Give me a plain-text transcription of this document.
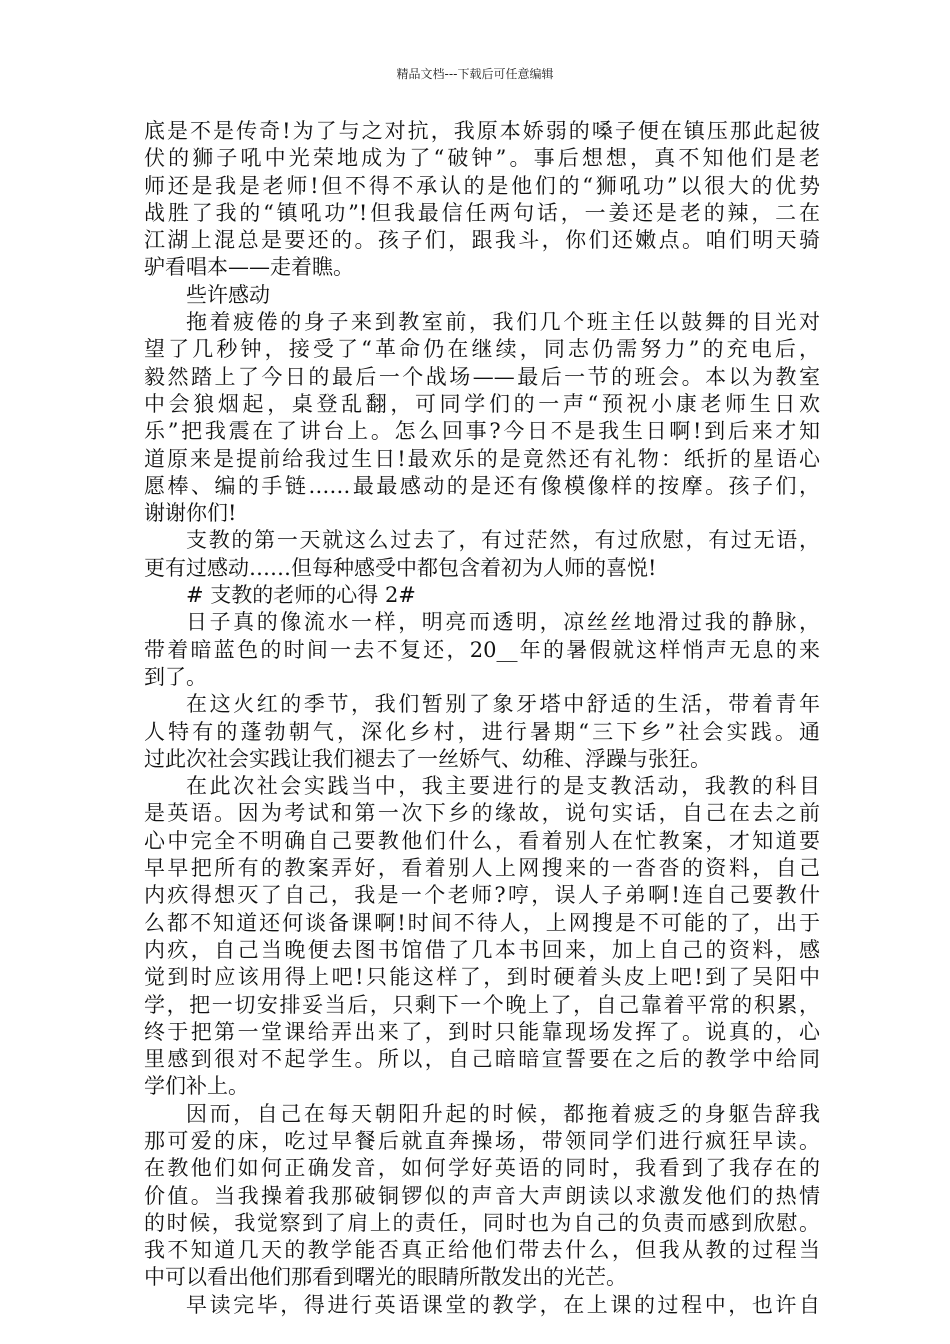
精品文档---下载后可任意编辑
底是不是传奇!为了与之对抗，我原本娇弱的嗓子便在镇压那此起彼
伏的狮子吼中光荣地成为了“破钟”。事后想想，真不知他们是老
师还是我是老师!但不得不承认的是他们的“狮吼功”以很大的优势
战胜了我的“镇吼功”!但我最信任两句话，一姜还是老的辣，二在
江湖上混总是要还的。孩子们，跟我斗，你们还嫩点。咱们明天骑
驴看唱本——走着瞧。
些许感动
拖着疲倦的身子来到教室前，我们几个班主任以鼓舞的目光对
望了几秒钟，接受了“革命仍在继续，同志仍需努力”的充电后，
毅然踏上了今日的最后一个战场——最后一节的班会。本以为教室
中会狼烟起，桌登乱翻，可同学们的一声“预祝小康老师生日欢
乐”把我震在了讲台上。怎么回事?今日不是我生日啊!到后来才知
道原来是提前给我过生日!最欢乐的是竟然还有礼物：纸折的星语心
愿棒、编的手链……最最感动的是还有像模像样的按摩。孩子们，
谢谢你们!
支教的第一天就这么过去了，有过茫然，有过欣慰，有过无语，
更有过感动……但每种感受中都包含着初为人师的喜悦!
# 支教的老师的心得 2#
日子真的像流水一样，明亮而透明，凉丝丝地滑过我的静脉，
带着暗蓝色的时间一去不复还，20__年的暑假就这样悄声无息的来
到了。
在这火红的季节，我们暂别了象牙塔中舒适的生活，带着青年
人特有的蓬勃朝气，深化乡村，进行暑期“三下乡”社会实践。通
过此次社会实践让我们褪去了一丝娇气、幼稚、浮躁与张狂。
在此次社会实践当中，我主要进行的是支教活动，我教的科目
是英语。因为考试和第一次下乡的缘故，说句实话，自己在去之前
心中完全不明确自己要教他们什么，看着别人在忙教案，才知道要
早早把所有的教案弄好，看着别人上网搜来的一沓沓的资料，自己
内疚得想灭了自己，我是一个老师?哼，误人子弟啊!连自己要教什
么都不知道还何谈备课啊!时间不待人，上网搜是不可能的了，出于
内疚，自己当晚便去图书馆借了几本书回来，加上自己的资料，感
觉到时应该用得上吧!只能这样了，到时硬着头皮上吧!到了吴阳中
学，把一切安排妥当后，只剩下一个晚上了，自己靠着平常的积累，
终于把第一堂课给弄出来了，到时只能靠现场发挥了。说真的，心
里感到很对不起学生。所以，自己暗暗宣誓要在之后的教学中给同
学们补上。
因而，自己在每天朝阳升起的时候，都拖着疲乏的身躯告辞我
那可爱的床，吃过早餐后就直奔操场，带领同学们进行疯狂早读。
在教他们如何正确发音，如何学好英语的同时，我看到了我存在的
价值。当我操着我那破铜锣似的声音大声朗读以求激发他们的热情
的时候，我觉察到了肩上的责任，同时也为自己的负责而感到欣慰。
我不知道几天的教学能否真正给他们带去什么，但我从教的过程当
中可以看出他们那看到曙光的眼睛所散发出的光芒。
早读完毕，得进行英语课堂的教学，在上课的过程中，也许自
